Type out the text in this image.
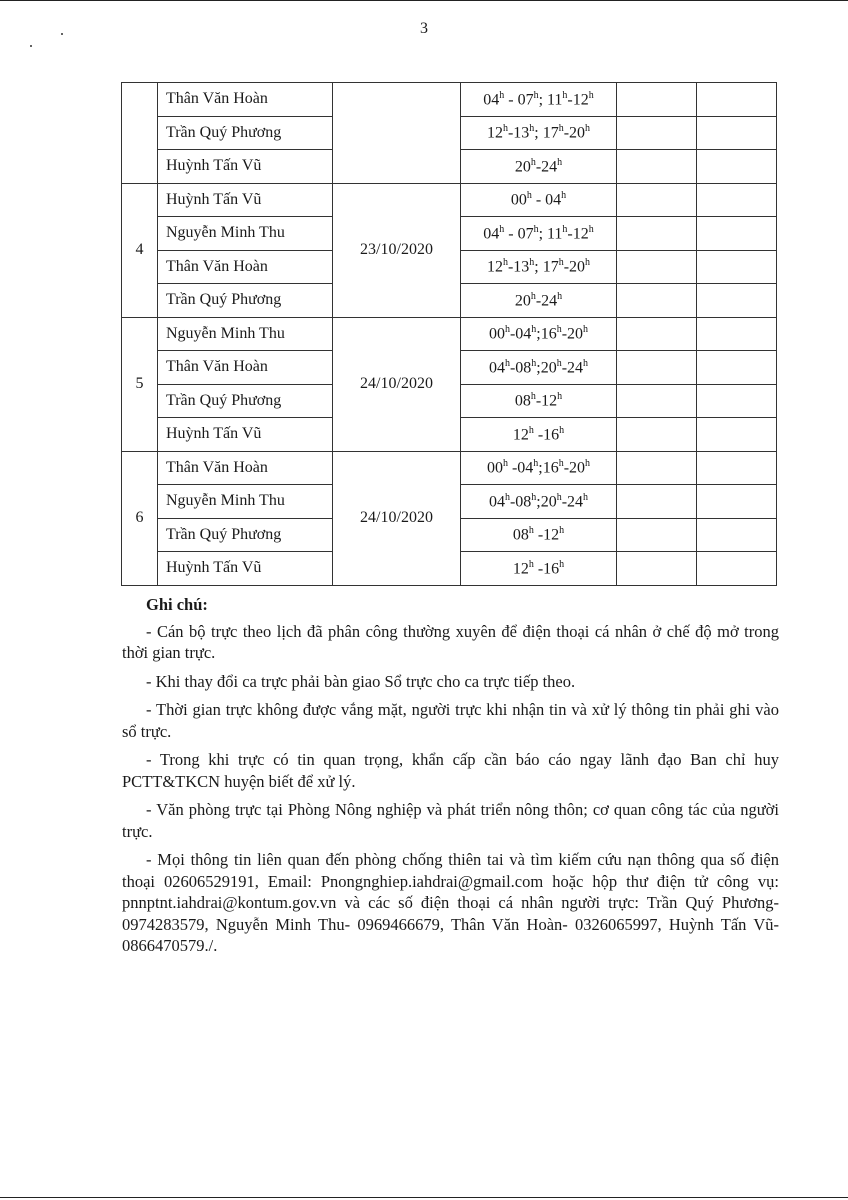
3
	Thân Văn Hoàn		04$^h$ - 07$^h$; 11$^h$-12$^h$		
	Trần Quý Phương		12$^h$-13$^h$; 17$^h$-20$^h$		
	Huỳnh Tấn Vũ		20$^h$-24$^h$		
4	Huỳnh Tấn Vũ	23/10/2020	00$^h$ - 04$^h$		
	Nguyễn Minh Thu		04$^h$ - 07$^h$; 11$^h$-12$^h$		
	Thân Văn Hoàn		12$^h$-13$^h$; 17$^h$-20$^h$		
	Trần Quý Phương		20$^h$-24$^h$		
5	Nguyễn Minh Thu	24/10/2020	00$^h$-04$^h$;16$^h$-20$^h$		
	Thân Văn Hoàn		04$^h$-08$^h$;20$^h$-24$^h$		
	Trần Quý Phương		08$^h$-12$^h$		
	Huỳnh Tấn Vũ		12$^h$ -16$^h$		
6	Thân Văn Hoàn	24/10/2020	00$^h$ -04$^h$;16$^h$-20$^h$		
	Nguyễn Minh Thu		04$^h$-08$^h$;20$^h$-24$^h$		
	Trần Quý Phương		08$^h$ -12$^h$		
	Huỳnh Tấn Vũ		12$^h$ -16$^h$		
Ghi chú:

- Cán bộ trực theo lịch đã phân công thường xuyên để điện thoại cá nhân ở chế độ mở trong thời gian trực.

- Khi thay đổi ca trực phải bàn giao Sổ trực cho ca trực tiếp theo.

- Thời gian trực không được vắng mặt, người trực khi nhận tin và xử lý thông tin phải ghi vào sổ trực.

- Trong khi trực có tin quan trọng, khẩn cấp cần báo cáo ngay lãnh đạo Ban chỉ huy PCTT&TKCN huyện biết để xử lý.

- Văn phòng trực tại Phòng Nông nghiệp và phát triển nông thôn; cơ quan công tác của người trực.

- Mọi thông tin liên quan đến phòng chống thiên tai và tìm kiếm cứu nạn thông qua số điện thoại 02606529191, Email: Pnongnghiep.iahdrai@gmail.com hoặc hộp thư điện tử công vụ: pnnptnt.iahdrai@kontum.gov.vn và các số điện thoại cá nhân người trực: Trần Quý Phương- 0974283579, Nguyễn Minh Thu- 0969466679, Thân Văn Hoàn- 0326065997, Huỳnh Tấn Vũ- 0866470579./.
